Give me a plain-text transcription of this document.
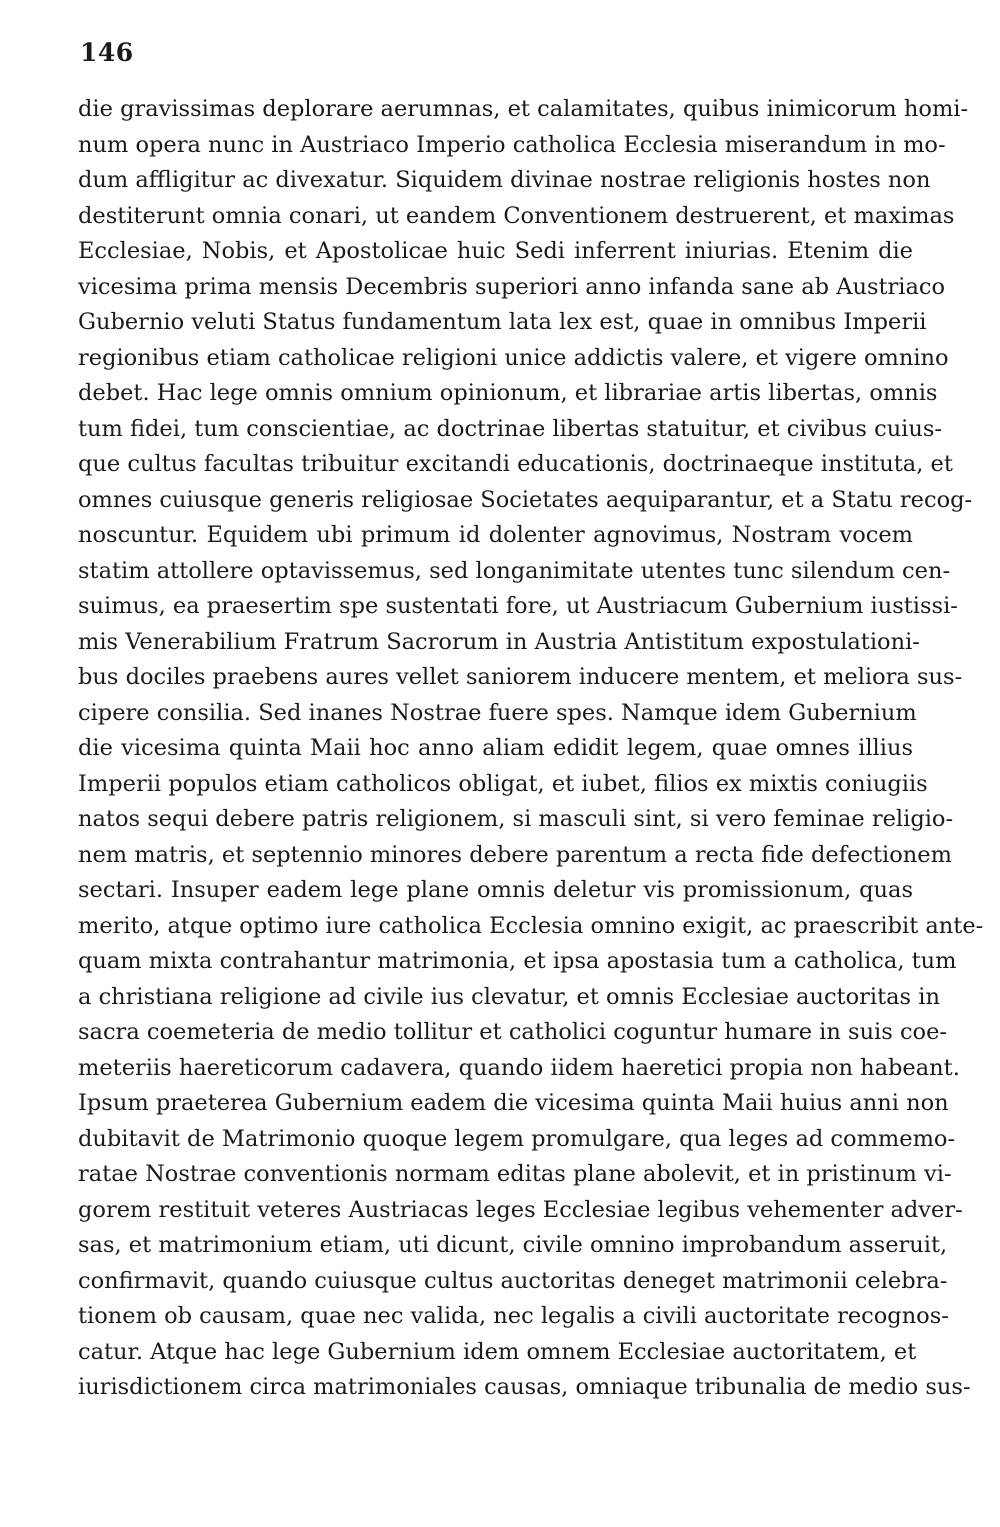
146
die gravissimas deplorare aerumnas, et calamitates, quibus inimicorum homi-
num opera nunc in Austriaco Imperio catholica Ecclesia miserandum in mo-
dum affligitur ac divexatur. Siquidem divinae nostrae religionis hostes non
destiterunt omnia conari, ut eandem Conventionem destruerent, et maximas
Ecclesiae, Nobis, et Apostolicae huic Sedi inferrent iniurias. Etenim die
vicesima prima mensis Decembris superiori anno infanda sane ab Austriaco
Gubernio veluti Status fundamentum lata lex est, quae in omnibus Imperii
regionibus etiam catholicae religioni unice addictis valere, et vigere omnino
debet. Hac lege omnis omnium opinionum, et librariae artis libertas, omnis
tum fidei, tum conscientiae, ac doctrinae libertas statuitur, et civibus cuius-
que cultus facultas tribuitur excitandi educationis, doctrinaeque instituta, et
omnes cuiusque generis religiosae Societates aequiparantur, et a Statu recog-
noscuntur. Equidem ubi primum id dolenter agnovimus, Nostram vocem
statim attollere optavissemus, sed longanimitate utentes tunc silendum cen-
suimus, ea praesertim spe sustentati fore, ut Austriacum Gubernium iustissi-
mis Venerabilium Fratrum Sacrorum in Austria Antistitum expostulationi-
bus dociles praebens aures vellet saniorem inducere mentem, et meliora sus-
cipere consilia. Sed inanes Nostrae fuere spes. Namque idem Gubernium
die vicesima quinta Maii hoc anno aliam edidit legem, quae omnes illius
Imperii populos etiam catholicos obligat, et iubet, filios ex mixtis coniugiis
natos sequi debere patris religionem, si masculi sint, si vero feminae religio-
nem matris, et septennio minores debere parentum a recta fide defectionem
sectari. Insuper eadem lege plane omnis deletur vis promissionum, quas
merito, atque optimo iure catholica Ecclesia omnino exigit, ac praescribit ante-
quam mixta contrahantur matrimonia, et ipsa apostasia tum a catholica, tum
a christiana religione ad civile ius clevatur, et omnis Ecclesiae auctoritas in
sacra coemeteria de medio tollitur et catholici coguntur humare in suis coe-
meteriis haereticorum cadavera, quando iidem haeretici propia non habeant.
Ipsum praeterea Gubernium eadem die vicesima quinta Maii huius anni non
dubitavit de Matrimonio quoque legem promulgare, qua leges ad commemo-
ratae Nostrae conventionis normam editas plane abolevit, et in pristinum vi-
gorem restituit veteres Austriacas leges Ecclesiae legibus vehementer adver-
sas, et matrimonium etiam, uti dicunt, civile omnino improbandum asseruit,
confirmavit, quando cuiusque cultus auctoritas deneget matrimonii celebra-
tionem ob causam, quae nec valida, nec legalis a civili auctoritate recognos-
catur. Atque hac lege Gubernium idem omnem Ecclesiae auctoritatem, et
iurisdictionem circa matrimoniales causas, omniaque tribunalia de medio sus-
